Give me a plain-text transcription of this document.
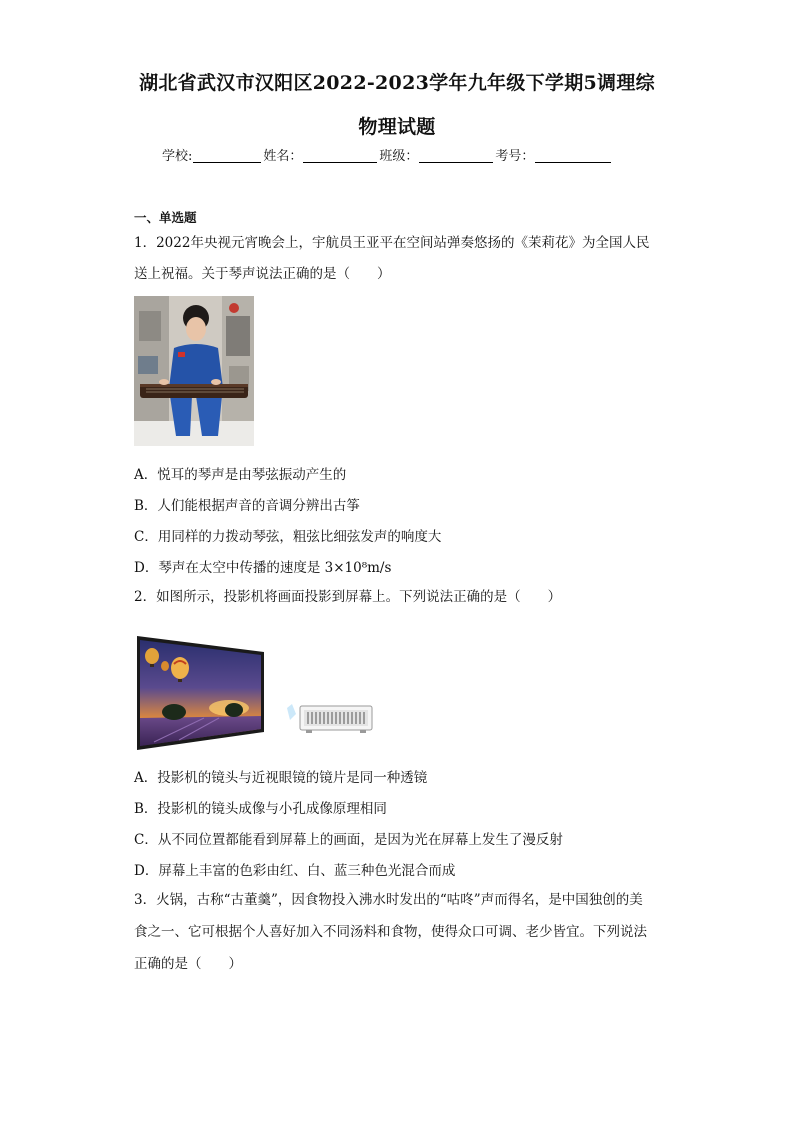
湖北省武汉市汉阳区2022-2023学年九年级下学期5调理综
物理试题
学校:	姓名：	班级：	考号：
一、单选题
1．2022年央视元宵晚会上，宇航员王亚平在空间站弹奏悠扬的《茉莉花》为全国人民
送上祝福。关于琴声说法正确的是（　　）
A．悦耳的琴声是由琴弦振动产生的
B．人们能根据声音的音调分辨出古筝
C．用同样的力拨动琴弦，粗弦比细弦发声的响度大
D．琴声在太空中传播的速度是 3×10⁸m/s
2．如图所示，投影机将画面投影到屏幕上。下列说法正确的是（　　）
A．投影机的镜头与近视眼镜的镜片是同一种透镜
B．投影机的镜头成像与小孔成像原理相同
C．从不同位置都能看到屏幕上的画面，是因为光在屏幕上发生了漫反射
D．屏幕上丰富的色彩由红、白、蓝三种色光混合而成
3．火锅，古称“古董羹”，因食物投入沸水时发出的“咕咚”声而得名，是中国独创的美
食之一、它可根据个人喜好加入不同汤料和食物，使得众口可调、老少皆宜。下列说法
正确的是（　　）
